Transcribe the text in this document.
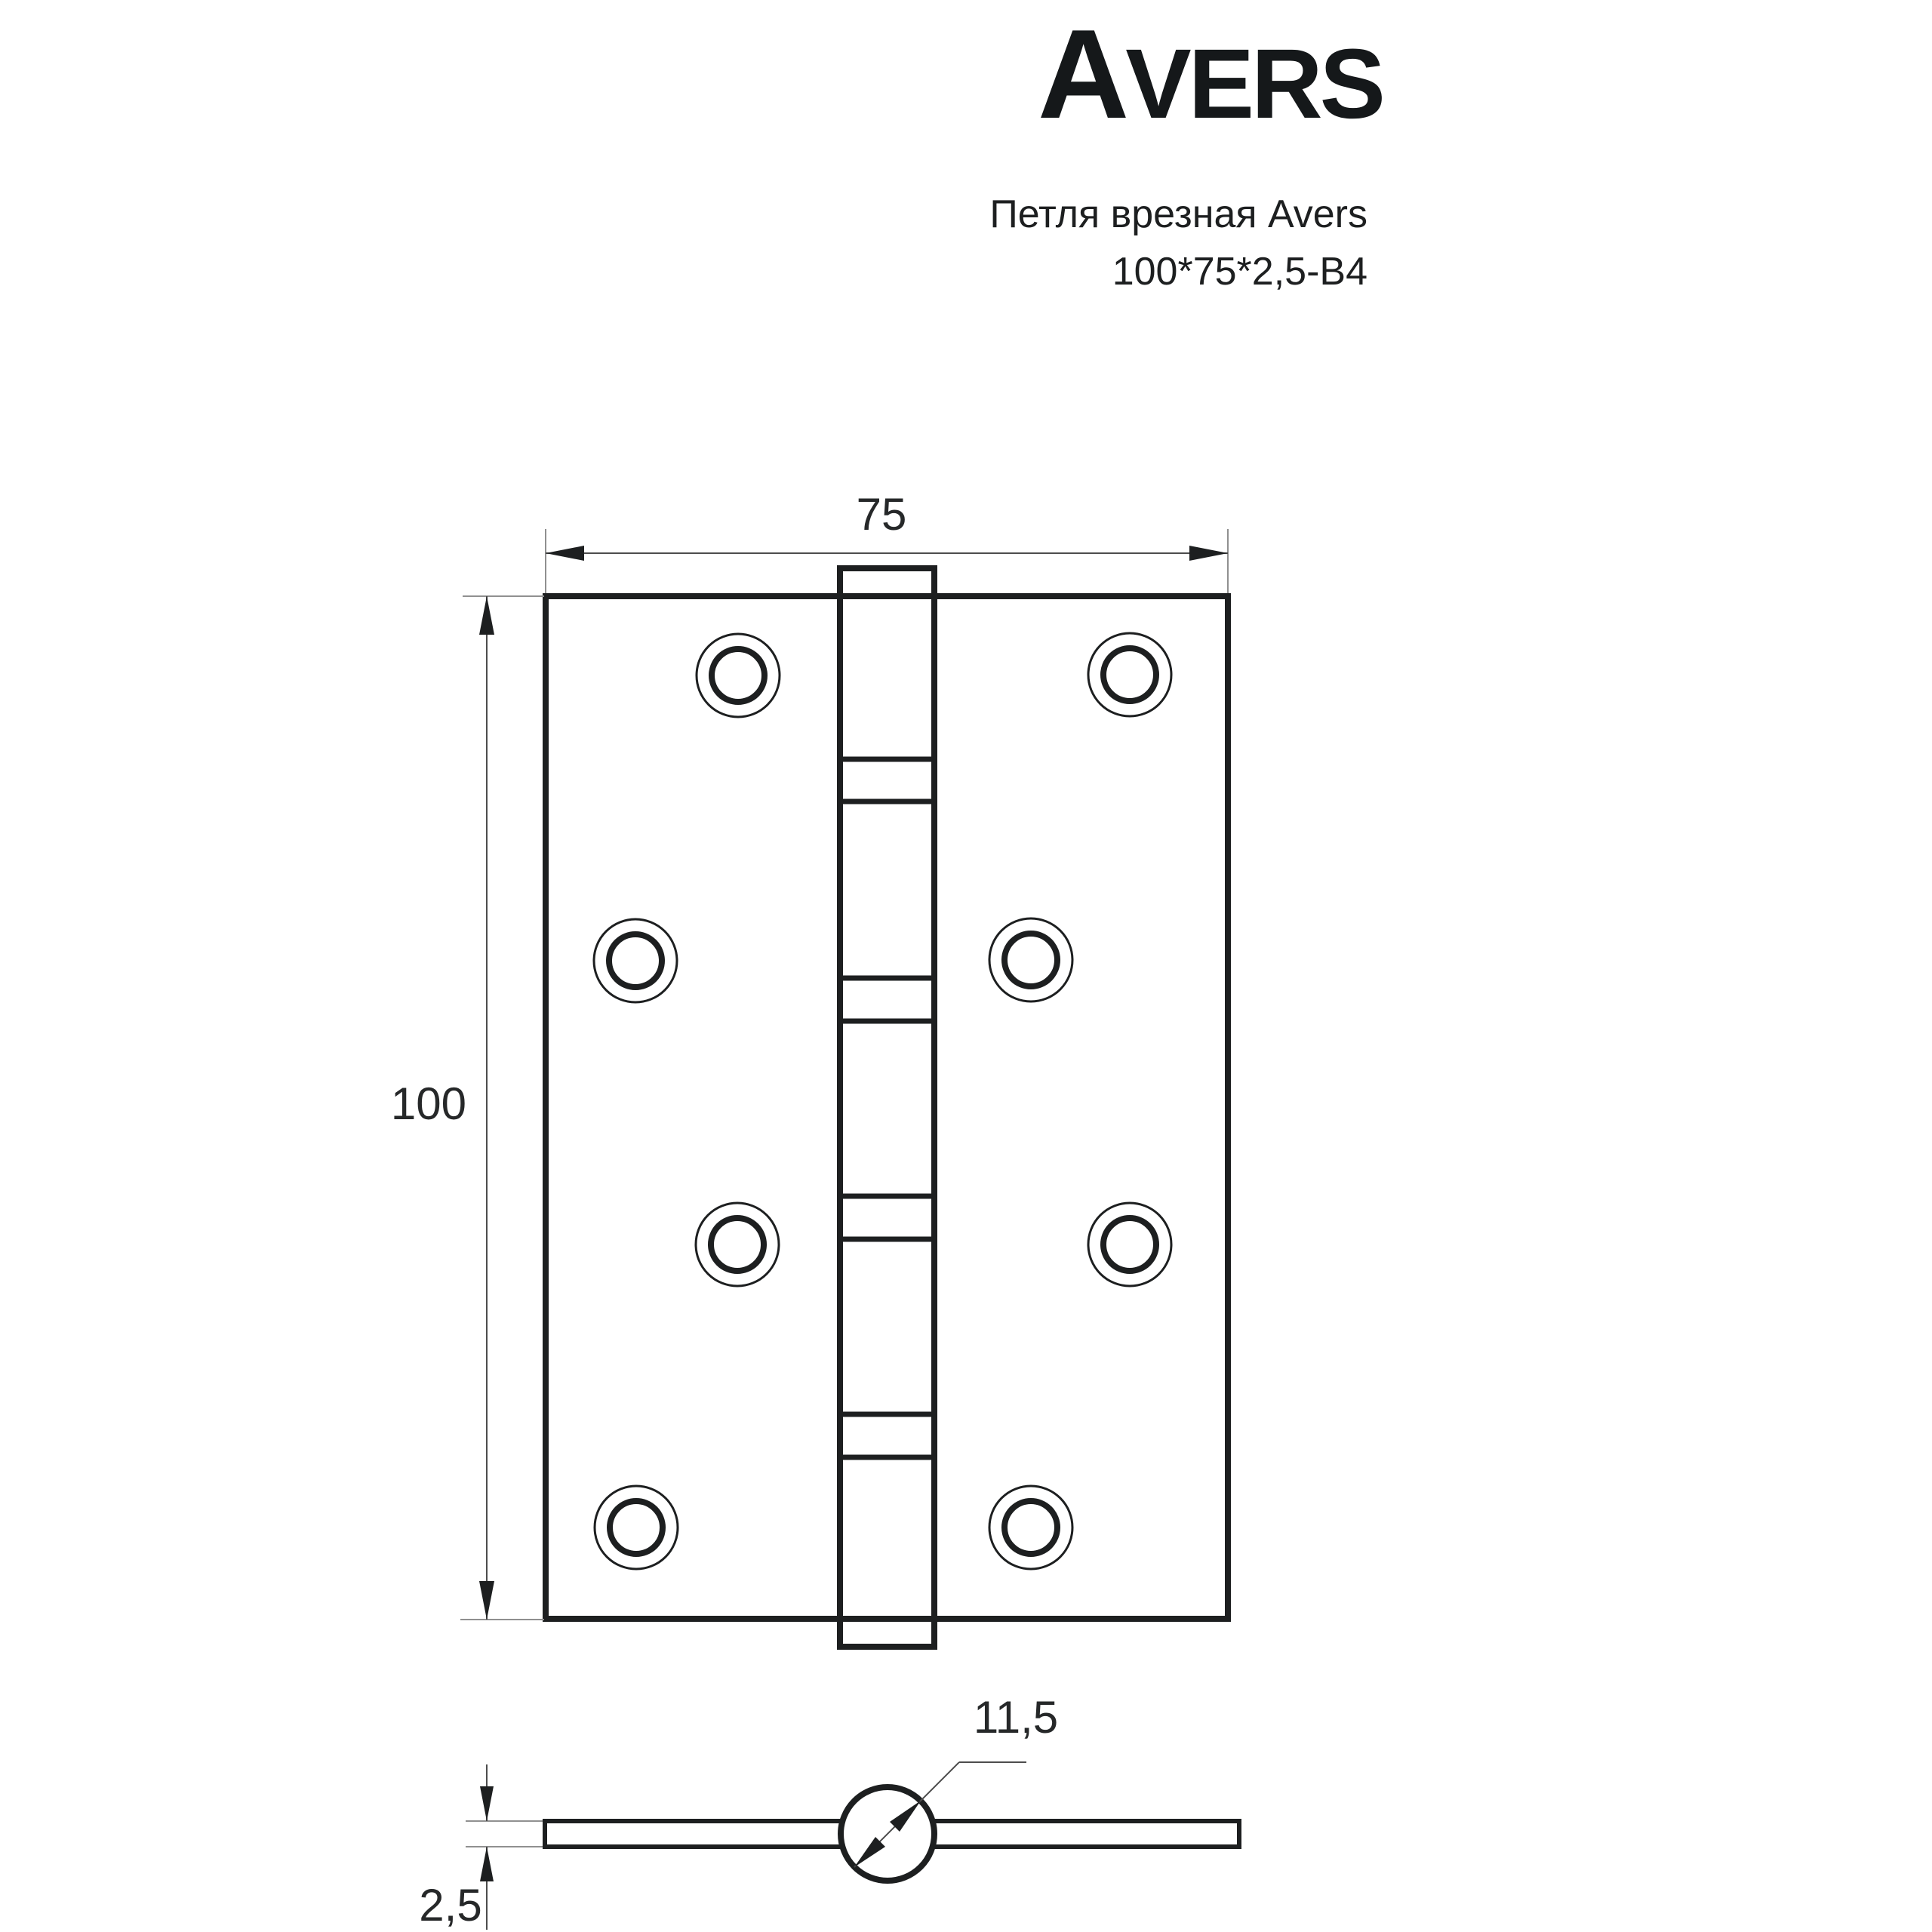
A VERS
Петля врезная Avers
100*75*2,5-B4
75
100
11,5
2,5
